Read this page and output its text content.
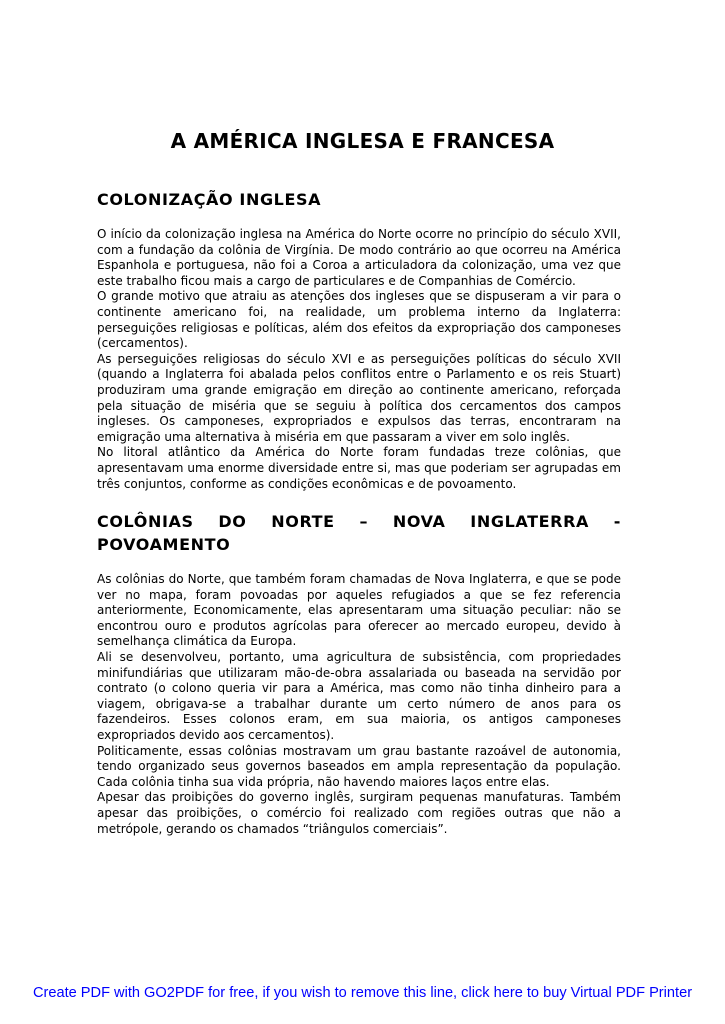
A AMÉRICA INGLESA E FRANCESA
COLONIZAÇÃO INGLESA

O início da colonização inglesa na América do Norte ocorre no princípio do século XVII, com a fundação da colônia de Virgínia. De modo contrário ao que ocorreu na América Espanhola e portuguesa, não foi a Coroa a articuladora da colonização, uma vez que este trabalho ficou mais a cargo de particulares e de Companhias de Comércio.

O grande motivo que atraiu as atenções dos ingleses que se dispuseram a vir para o continente americano foi, na realidade, um problema interno da Inglaterra: perseguições religiosas e políticas, além dos efeitos da expropriação dos camponeses (cercamentos).

As perseguições religiosas do século XVI e as perseguições políticas do século XVII (quando a Inglaterra foi abalada pelos conflitos entre o Parlamento e os reis Stuart) produziram uma grande emigração em direção ao continente americano, reforçada pela situação de miséria que se seguiu à política dos cercamentos dos campos ingleses. Os camponeses, expropriados e expulsos das terras, encontraram na emigração uma alternativa à miséria em que passaram a viver em solo inglês.

No litoral atlântico da América do Norte foram fundadas treze colônias, que apresentavam uma enorme diversidade entre si, mas que poderiam ser agrupadas em três conjuntos, conforme as condições econômicas e de povoamento.

COLÔNIAS DO NORTE – NOVA INGLATERRA - POVOAMENTO

As colônias do Norte, que também foram chamadas de Nova Inglaterra, e que se pode ver no mapa, foram povoadas por aqueles refugiados a que se fez referencia anteriormente, Economicamente, elas apresentaram uma situação peculiar: não se encontrou ouro e produtos agrícolas para oferecer ao mercado europeu, devido à semelhança climática da Europa.

Ali se desenvolveu, portanto, uma agricultura de subsistência, com propriedades minifundiárias que utilizaram mão-de-obra assalariada ou baseada na servidão por contrato (o colono queria vir para a América, mas como não tinha dinheiro para a viagem, obrigava-se a trabalhar durante um certo número de anos para os fazendeiros. Esses colonos eram, em sua maioria, os antigos camponeses expropriados devido aos cercamentos).

Politicamente, essas colônias mostravam um grau bastante razoável de autonomia, tendo organizado seus governos baseados em ampla representação da população. Cada colônia tinha sua vida própria, não havendo maiores laços entre elas.

Apesar das proibições do governo inglês, surgiram pequenas manufaturas. Também apesar das proibições, o comércio foi realizado com regiões outras que não a metrópole, gerando os chamados “triângulos comerciais”.

Create PDF with GO2PDF for free, if you wish to remove this line, click here to buy Virtual PDF Printer
